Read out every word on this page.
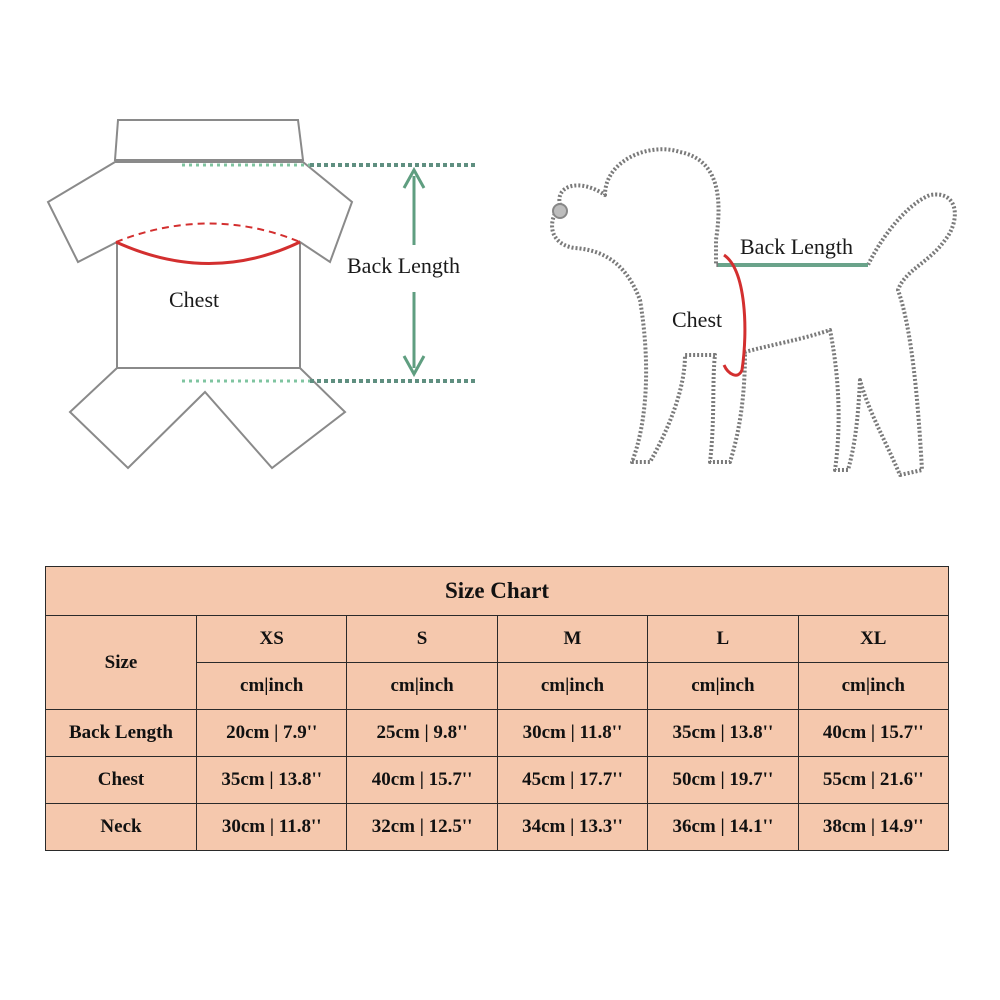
Back Length
Chest
Back Length
Chest
Size Chart					
Size	XS	S	M	L	XL
	cm|inch	cm|inch	cm|inch	cm|inch	cm|inch
Back Length	20cm | 7.9''	25cm | 9.8''	30cm | 11.8''	35cm | 13.8''	40cm | 15.7''
Chest	35cm | 13.8''	40cm | 15.7''	45cm | 17.7''	50cm | 19.7''	55cm | 21.6''
Neck	30cm | 11.8''	32cm | 12.5''	34cm | 13.3''	36cm | 14.1''	38cm | 14.9''
